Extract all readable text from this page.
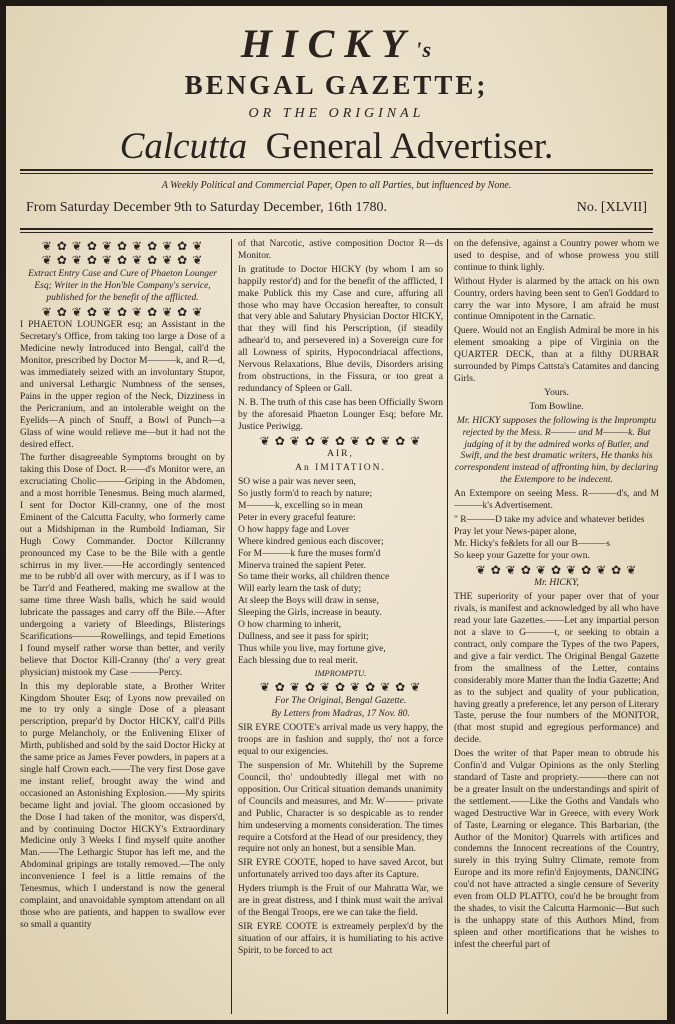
HICKY's
BENGAL GAZETTE;
OR THE ORIGINAL
Calcutta General Advertiser.
A Weekly Political and Commercial Paper, Open to all Parties, but influenced by None.
From Saturday December 9th to Saturday December, 16th 1780.	No. [XLVII]
❦ ✿ ❦ ✿ ❦ ✿ ❦ ✿ ❦ ✿ ❦
❦ ✿ ❦ ✿ ❦ ✿ ❦ ✿ ❦ ✿ ❦

Extract Entry Case and Cure of Phaeton Lounger Esq; Writer in the Hon'ble Company's service, published for the benefit of the afflicted.

❦ ✿ ❦ ✿ ❦ ✿ ❦ ✿ ❦ ✿ ❦

I PHAETON LOUNGER esq; an Assistant in the Secretary's Office, from taking too large a Dose of a Medicine newly Introduced into Bengal, call'd the Monitor, prescribed by Doctor M———k, and R—d, was immediately seized with an involuntary Stupor, and universal Lethargic Numbness of the senses, Pains in the upper region of the Neck, Dizziness in the Pericranium, and an intolerable weight on the Eyelids—A pinch of Snuff, a Bowl of Punch—a Glass of wine would relieve me—but it had not the desired effect.

The further disagreeable Symptoms brought on by taking this Dose of Doct. R——d's Monitor were, an excruciating Cholic———Griping in the Abdomen, and a most horrible Tenesmus. Being much alarmed, I sent for Doctor Kill-cranny, one of the most Eminent of the Calcutta Faculty, who formerly came out a Midshipman in the Rumbold Indiaman, Sir Hugh Cowy Commander. Doctor Killcranny pronounced my Case to be the Bile with a gentle schirrus in my liver.——He accordingly sentenced me to be rubb'd all over with mercury, as if I was to be Tarr'd and Feathered, making me swallow at the same time three Wash balls, which he said would lubricate the passages and carry off the Bile.—After undergoing a variety of Bleedings, Blisterings Scarifications———Rowellings, and tepid Emetions I found myself rather worse than better, and verily believe that Doctor Kill-Cranny (tho' a very great physician) mistook my Case ———Percy.

In this my deplorable state, a Brother Writer Kingdom Shouter Esq; of Lyons now prevailed on me to try only a single Dose of a pleasant perscription, prepar'd by Doctor HICKY, call'd Pills to purge Melancholy, or the Enlivening Elixer of Mirth, published and sold by the said Doctor Hicky at the same price as James Fever powders, in papers at a single half Crown each.——The very first Dose gave me instant relief, brought away the wind and occasioned an Astonishing Explosion.——My spirits became light and jovial. The gloom occasioned by the Dose I had taken of the monitor, was dispers'd, and by continuing Doctor HICKY's Extraordinary Medicine only 3 Weeks I find myself quite another Man.——The Lethargic Stupor has left me, and the Abdominal gripings are totally removed.—The only inconvenience I feel is a little remains of the Tenesmus, which I understand is now the general complaint, and unavoidable symptom attendant on all those who are patients, and happen to swallow ever so small a quantity

of that Narcotic, astive composition Doctor R—ds Monitor.

In gratitude to Doctor HICKY (by whom I am so happily restor'd) and for the benefit of the afflicted, I make Publick this my Case and cure, affuring all those who may have Occasion hereafter, to consult that very able and Salutary Physician Doctor HICKY, that they will find his Perscription, (if steadily adhear'd to, and persevered in) a Sovereign cure for all Lowness of spirits, Hypocondriacal affections, Nervous Relaxations, Blue devils, Disorders arising from obstructions, in the Fissura, or too great a redundancy of Spleen or Gall.

N. B. The truth of this case has been Officially Sworn by the aforesaid Phaeton Lounger Esq; before Mr. Justice Periwigg.

❦ ✿ ❦ ✿ ❦ ✿ ❦ ✿ ❦ ✿ ❦

AIR,

An IMITATION.

SO wise a pair was never seen,

So justly form'd to reach by nature;

M———k, excelling so in mean

Peter in every graceful feature:

O how happy fage and Lover

Where kindred genious each discover;

For M———k fure the muses form'd

Minerva trained the sapient Peter.

So tame their works, all children thence

Will early learn the task of duty;

At sleep the Boys will draw in sense,

Sleeping the Girls, increase in beauty.

O how charming to inherit,

Dullness, and see it pass for spirit;

Thus while you live, may fortune give,

Each blessing due to real merit.

IMPROMPTU.

❦ ✿ ❦ ✿ ❦ ✿ ❦ ✿ ❦ ✿ ❦

For The Original, Bengal Gazette.

By Letters from Madras, 17 Nov. 80.

SIR EYRE COOTE's arrival made us very happy, the troops are in fashion and supply, tho' not a force equal to our exigencies.

The suspension of Mr. Whitehill by the Supreme Council, tho' undoubtedly illegal met with no opposition. Our Critical situation demands unanimity of Councils and measures, and Mr. W——— private and Public, Character is so despicable as to render him undeserving a moments consideration. The times require a Cotsford at the Head of our presidency, they require not only an honest, but a sensible Man.

SIR EYRE COOTE, hoped to have saved Arcot, but unfortunately arrived too days after its Capture.

Hyders triumph is the Fruit of our Mahratta War, we are in great distress, and I think must wait the arrival of the Bengal Troops, ere we can take the field.

SIR EYRE COOTE is extreamely perplex'd by the situation of our affairs, it is humiliating to his active Spirit, to be forced to act

on the defensive, against a Country power whom we used to despise, and of whose prowess you still continue to think lighly.

Without Hyder is alarmed by the attack on his own Country, orders having been sent to Gen'l Goddard to carry the war into Mysore, I am afraid he must continue Omnipotent in the Carnatic.

Quere. Would not an English Admiral be more in his element smoaking a pipe of Virginia on the QUARTER DECK, than at a filthy DURBAR surrounded by Pimps Cattsta's Catamites and dancing Girls.

Yours.

Tom Bowline.

Mr. HICKY supposes the following is the Impromptu rejected by the Mess. R——— and M———k. But judging of it by the admired works of Butler, and Swift, and the best dramatic writers, He thanks his correspondent instead of affronting him, by declaring the Extempore to be indecent.

An Extempore on seeing Mess. R———d's, and M———k's Advertisement.

" R———D take my advice and whatever betides

Pray let your News-paper alone,

Mr. Hicky's fe&lets for all our B———s

So keep your Gazette for your own.

❦ ✿ ❦ ✿ ❦ ✿ ❦ ✿ ❦ ✿ ❦

Mr. HICKY,

THE superiority of your paper over that of your rivals, is manifest and acknowledged by all who have read your late Gazettes.——Let any impartial person not a slave to G———t, or seeking to obtain a contract, only compare the Types of the two Papers, and give a fair verdict. The Original Bengal Gazette from the smallness of the Letter, contains considerably more Matter than the India Gazette; And as to the subject and quality of your publication, having greatly a preference, let any person of Literary Taste, peruse the four numbers of the MONITOR, (that most stupid and egregious performance) and decide.

Does the writer of that Paper mean to obtrude his Confin'd and Vulgar Opinions as the only Sterling standard of Taste and propriety.———there can not be a greater Insult on the understandings and spirit of the settlement.——Like the Goths and Vandals who waged Destructive War in Greece, with every Work of Taste, Learning or elegance. This Barbarian, (the Author of the Monitor) Quarrels with artifices and condemns the Innocent recreations of the Country, surely in this trying Sultry Climate, remote from Europe and its more refin'd Enjoyments, DANCING cou'd not have attracted a single censure of Severity even from OLD PLATTO, cou'd he be brought from the shades, to visit the Calcutta Harmonic—But such is the unhappy state of this Authors Mind, from spleen and other mortifications that he wishes to infest the cheerful part of
